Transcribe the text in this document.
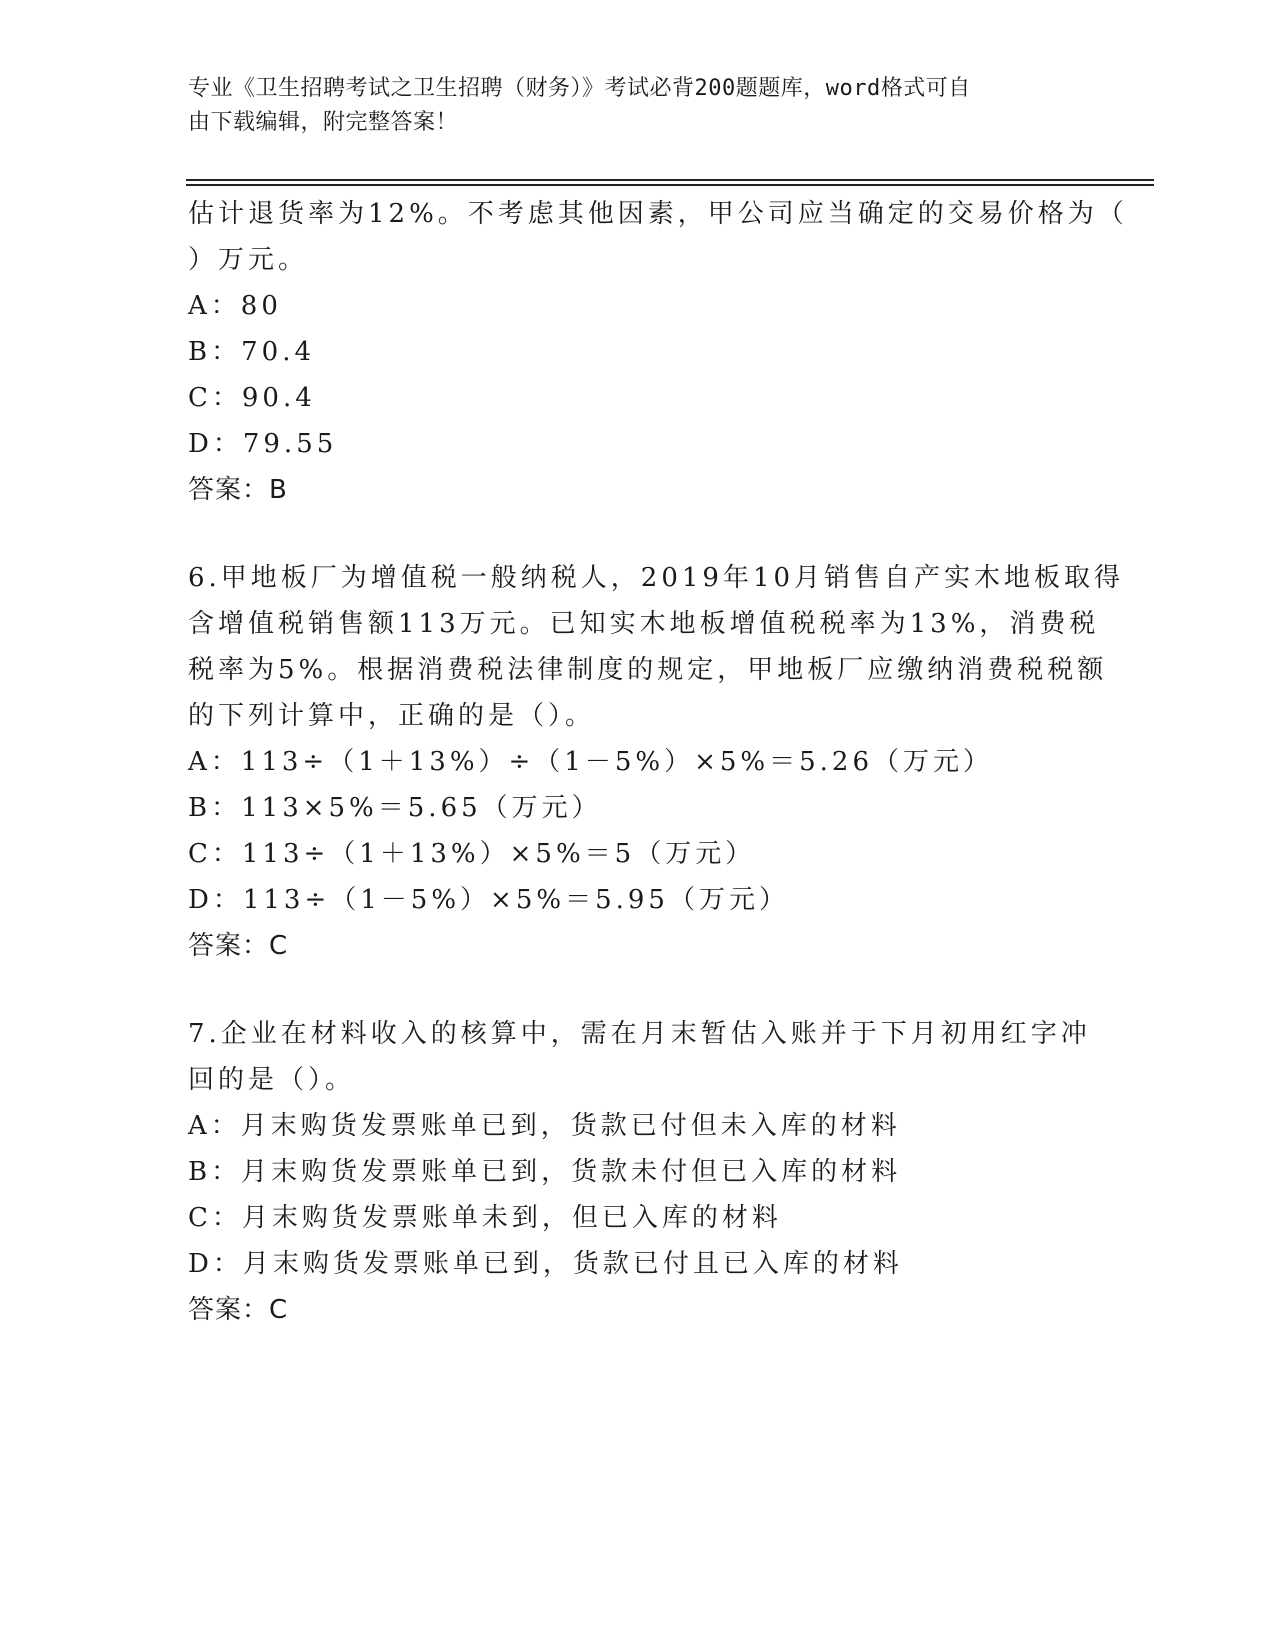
专业《卫生招聘考试之卫生招聘（财务）》考试必背200题题库，word格式可自
由下载编辑，附完整答案！
估计退货率为12%。不考虑其他因素，甲公司应当确定的交易价格为（
）万元。
A：80
B：70.4
C：90.4
D：79.55
答案：B
6.甲地板厂为增值税一般纳税人，2019年10月销售自产实木地板取得
含增值税销售额113万元。已知实木地板增值税税率为13%，消费税
税率为5%。根据消费税法律制度的规定，甲地板厂应缴纳消费税税额
的下列计算中，正确的是（）。
A：113÷（1＋13%）÷（1－5%）×5%＝5.26（万元）
B：113×5%＝5.65（万元）
C：113÷（1＋13%）×5%＝5（万元）
D：113÷（1－5%）×5%＝5.95（万元）
答案：C
7.企业在材料收入的核算中，需在月末暂估入账并于下月初用红字冲
回的是（）。
A：月末购货发票账单已到，货款已付但未入库的材料
B：月末购货发票账单已到，货款未付但已入库的材料
C：月末购货发票账单未到，但已入库的材料
D：月末购货发票账单已到，货款已付且已入库的材料
答案：C
